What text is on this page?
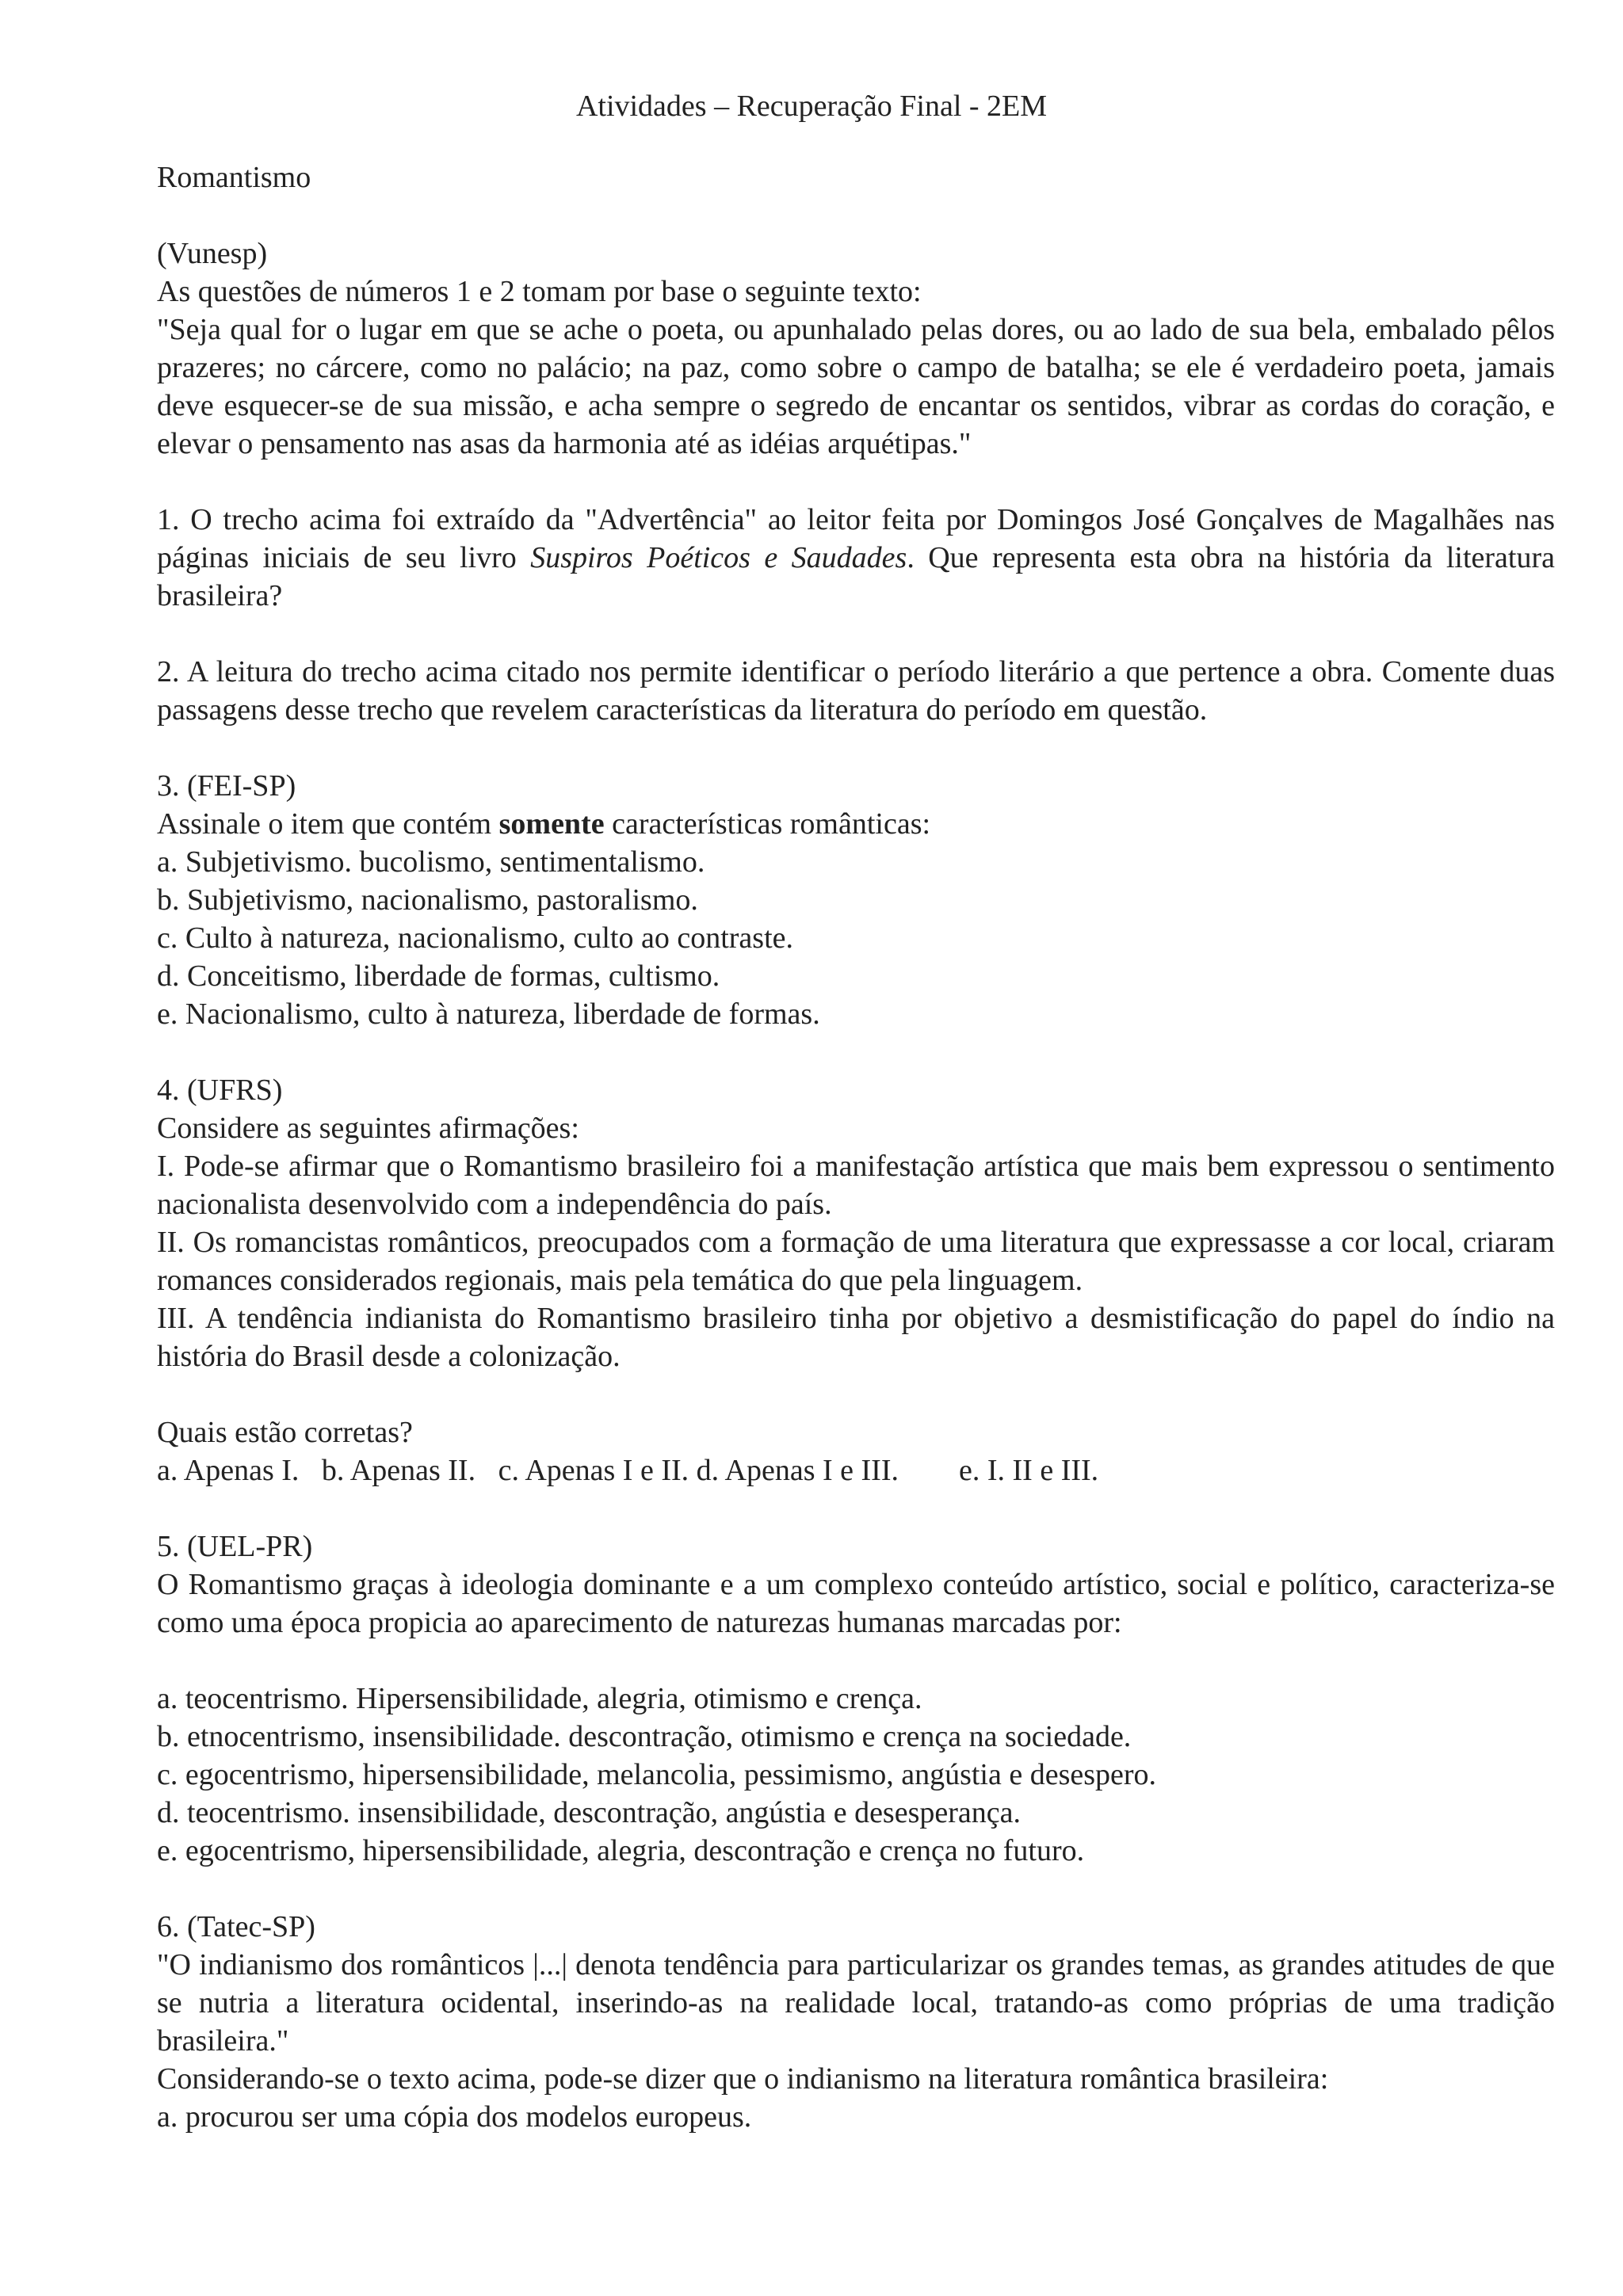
Atividades – Recuperação Final - 2EM
Romantismo
(Vunesp)
As questões de números 1 e 2 tomam por base o seguinte texto:
"Seja qual for o lugar em que se ache o poeta, ou apunhalado pelas dores, ou ao lado de sua bela, embalado pêlos prazeres; no cárcere, como no palácio; na paz, como sobre o campo de batalha; se ele é verdadeiro poeta, jamais deve esquecer-se de sua missão, e acha sempre o segredo de encantar os sentidos, vibrar as cordas do coração, e elevar o pensamento nas asas da harmonia até as idéias arquétipas."
1. O trecho acima foi extraído da "Advertência" ao leitor feita por Domingos José Gonçalves de Magalhães nas páginas iniciais de seu livro Suspiros Poéticos e Saudades. Que representa esta obra na história da literatura brasileira?
2. A leitura do trecho acima citado nos permite identificar o período literário a que pertence a obra. Comente duas passagens desse trecho que revelem características da literatura do período em questão.
3. (FEI-SP)
Assinale o item que contém somente características românticas:
a. Subjetivismo. bucolismo, sentimentalismo.
b. Subjetivismo, nacionalismo, pastoralismo.
c. Culto à natureza, nacionalismo, culto ao contraste.
d. Conceitismo, liberdade de formas, cultismo.
e. Nacionalismo, culto à natureza, liberdade de formas.
4. (UFRS)
Considere as seguintes afirmações:
I. Pode-se afirmar que o Romantismo brasileiro foi a manifestação artística que mais bem expressou o sentimento nacionalista desenvolvido com a independência do país.
II. Os romancistas românticos, preocupados com a formação de uma literatura que expressasse a cor local, criaram romances considerados regionais, mais pela temática do que pela linguagem.
III. A tendência indianista do Romantismo brasileiro tinha por objetivo a desmistificação do papel do índio na história do Brasil desde a colonização.
Quais estão corretas?
a. Apenas I. b. Apenas II. c. Apenas I e II. d. Apenas I e III. e. I. II e III.
5. (UEL-PR)
O Romantismo graças à ideologia dominante e a um complexo conteúdo artístico, social e político, caracteriza-se como uma época propicia ao aparecimento de naturezas humanas marcadas por:
a. teocentrismo. Hipersensibilidade, alegria, otimismo e crença.
b. etnocentrismo, insensibilidade. descontração, otimismo e crença na sociedade.
c. egocentrismo, hipersensibilidade, melancolia, pessimismo, angústia e desespero.
d. teocentrismo. insensibilidade, descontração, angústia e desesperança.
e. egocentrismo, hipersensibilidade, alegria, descontração e crença no futuro.
6. (Tatec-SP)
"O indianismo dos românticos |...| denota tendência para particularizar os grandes temas, as grandes atitudes de que se nutria a literatura ocidental, inserindo-as na realidade local, tratando-as como próprias de uma tradição brasileira."
Considerando-se o texto acima, pode-se dizer que o indianismo na literatura romântica brasileira:
a. procurou ser uma cópia dos modelos europeus.
